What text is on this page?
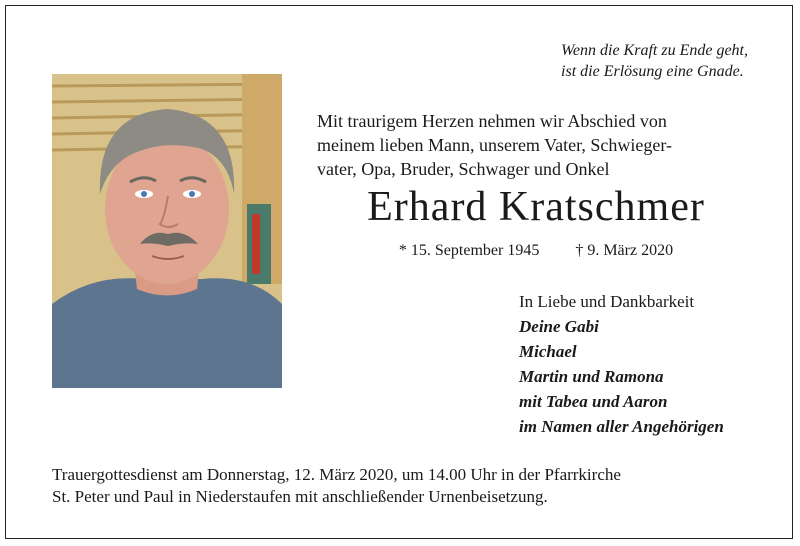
Wenn die Kraft zu Ende geht,
ist die Erlösung eine Gnade.
Mit traurigem Herzen nehmen wir Abschied von
meinem lieben Mann, unserem Vater, Schwieger-
vater, Opa, Bruder, Schwager und Onkel
Erhard Kratschmer
* 15. September 1945 † 9. März 2020
In Liebe und Dankbarkeit
Deine Gabi
Michael
Martin und Ramona
mit Tabea und Aaron
im Namen aller Angehörigen
Trauergottesdienst am Donnerstag, 12. März 2020, um 14.00 Uhr in der Pfarrkirche
St. Peter und Paul in Niederstaufen mit anschließender Urnenbeisetzung.
